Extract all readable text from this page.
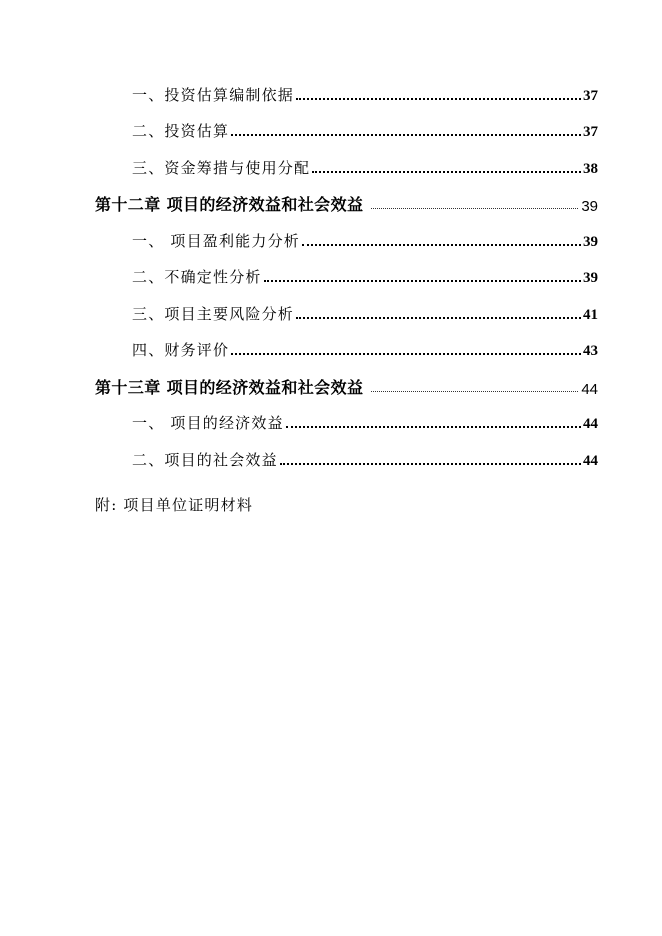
一、投资估算编制依据	37
二、投资估算	37
三、资金筹措与使用分配	38
第十二章 项目的经济效益和社会效益	39
一、 项目盈利能力分析	39
二、不确定性分析	39
三、项目主要风险分析	41
四、财务评价	43
第十三章 项目的经济效益和社会效益	44
一、 项目的经济效益	44
二、项目的社会效益	44
附: 项目单位证明材料
